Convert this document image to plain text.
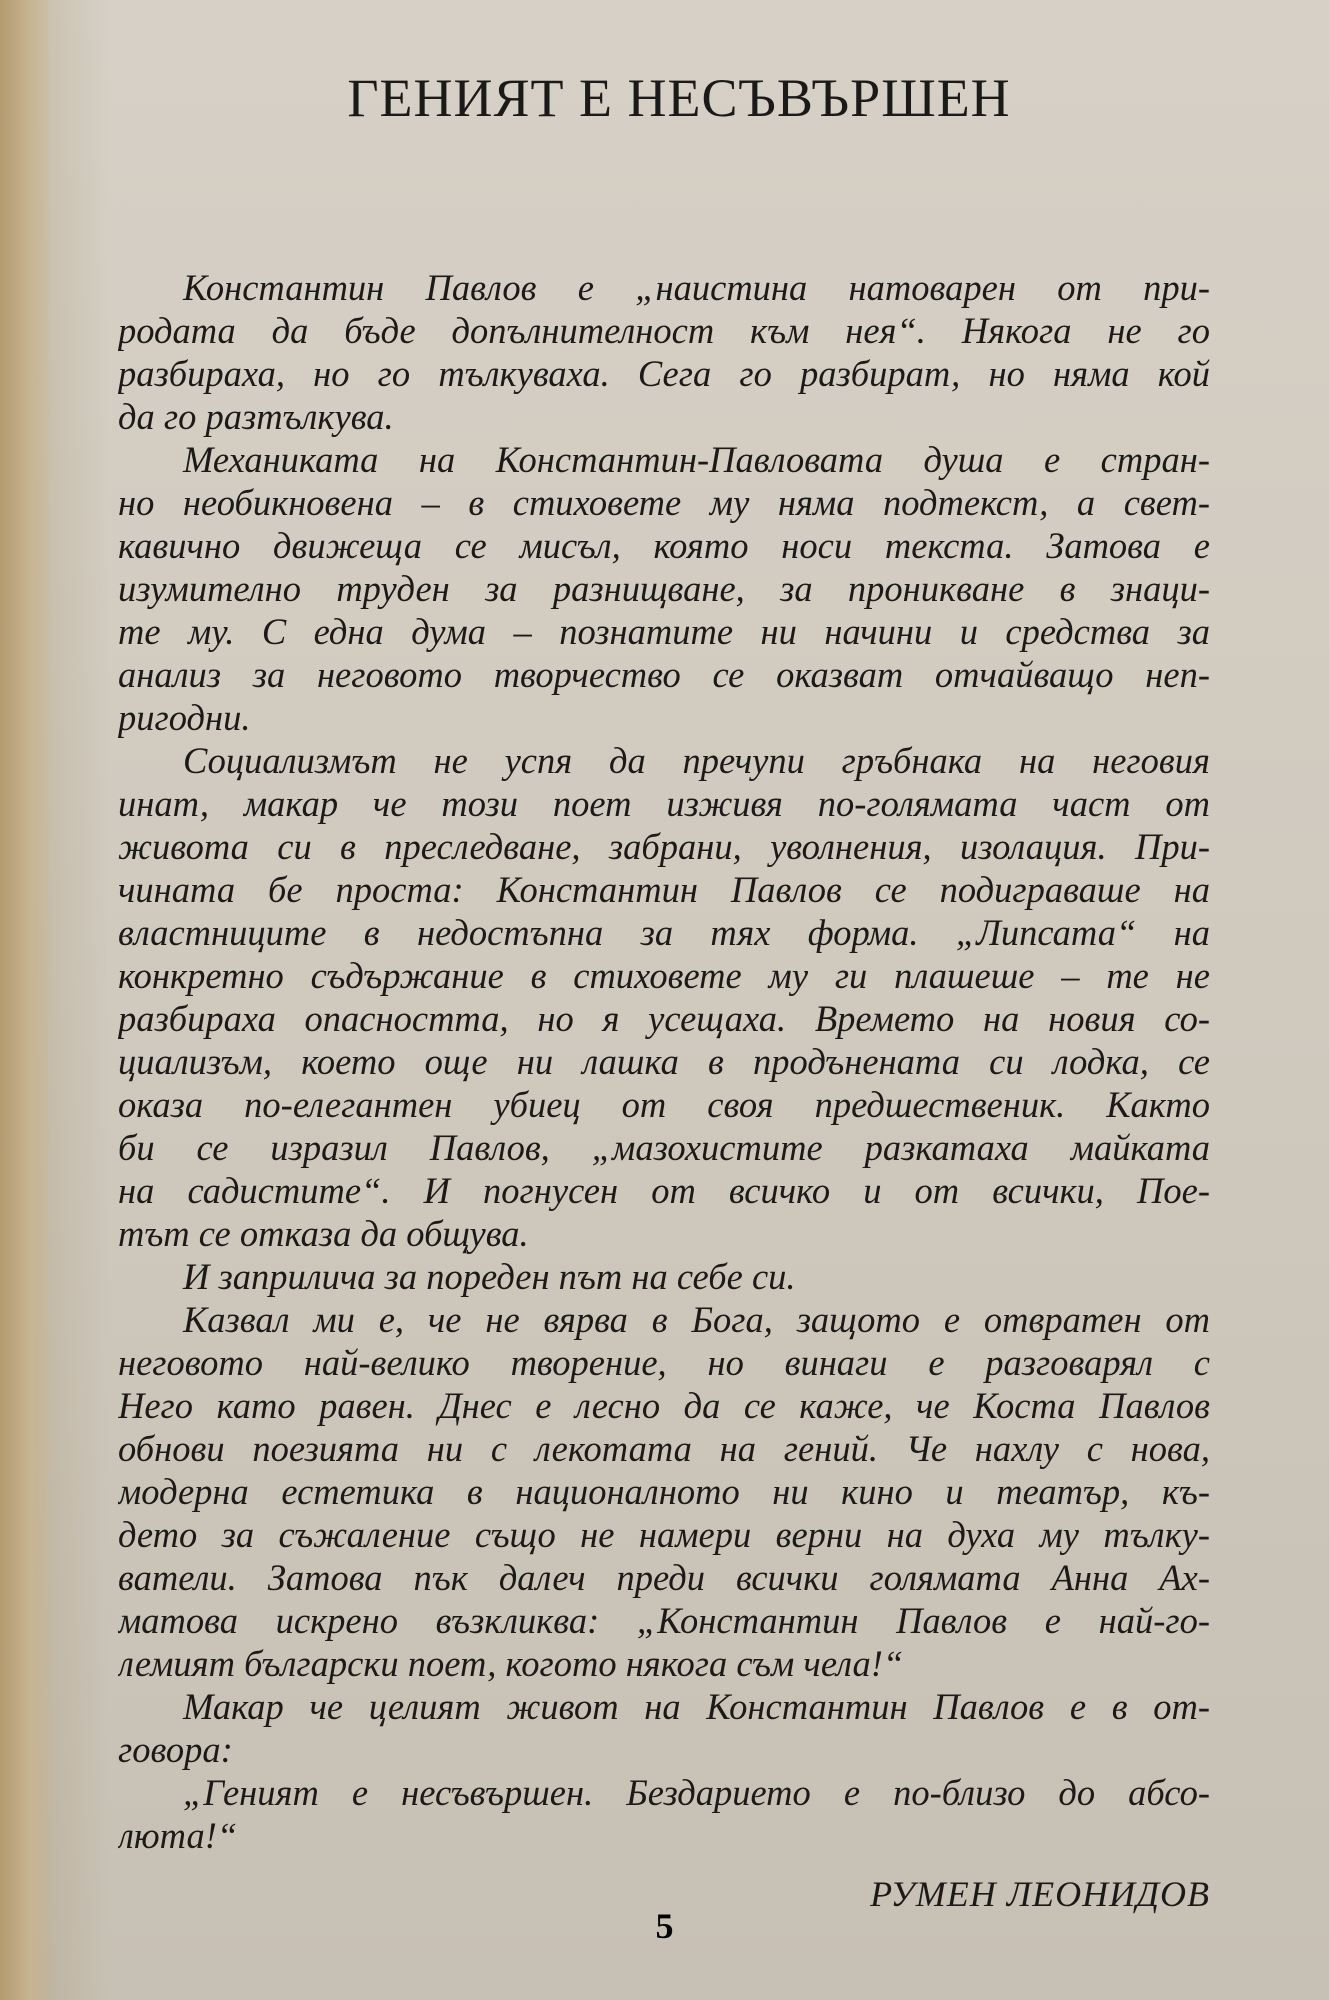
ГЕНИЯТ Е НЕСЪВЪРШЕН
Константин Павлов е „наистина натоварен от при-
родата да бъде допълнителност към нея“. Някога не го
разбираха, но го тълкуваха. Сега го разбират, но няма кой
да го разтълкува.
Механиката на Константин-Павловата душа е стран-
но необикновена – в стиховете му няма подтекст, а свет-
кавично движеща се мисъл, която носи текста. Затова е
изумително труден за разнищване, за проникване в знаци-
те му. С една дума – познатите ни начини и средства за
анализ за неговото творчество се оказват отчайващо неп-
ригодни.
Социализмът не успя да пречупи гръбнака на неговия
инат, макар че този поет изживя по-голямата част от
живота си в преследване, забрани, уволнения, изолация. При-
чината бе проста: Константин Павлов се подиграваше на
властниците в недостъпна за тях форма. „Липсата“ на
конкретно съдържание в стиховете му ги плашеше – те не
разбираха опасността, но я усещаха. Времето на новия со-
циализъм, което още ни лашка в продънената си лодка, се
оказа по-елегантен убиец от своя предшественик. Както
би се изразил Павлов, „мазохистите разкатаха майката
на садистите“. И погнусен от всичко и от всички, Поe-
тът се отказа да общува.
И заприлича за пореден път на себе си.
Казвал ми е, че не вярва в Бога, защото е отвратен от
неговото най-велико творение, но винаги е разговарял с
Него като равен. Днес е лесно да се каже, че Коста Павлов
обнови поезията ни с лекотата на гений. Че нахлу с нова,
модерна естетика в националното ни кино и театър, къ-
дето за съжаление също не намери верни на духа му тълку-
ватели. Затова пък далеч преди всички голямата Анна Ах-
матова искрено възкликва: „Константин Павлов е най-го-
лемият български поет, когото някога съм чела!“
Макар че целият живот на Константин Павлов е в от-
говора:
„Геният е несъвършен. Бездарието е по-близо до абсо-
люта!“
РУМЕН ЛЕОНИДОВ
5
